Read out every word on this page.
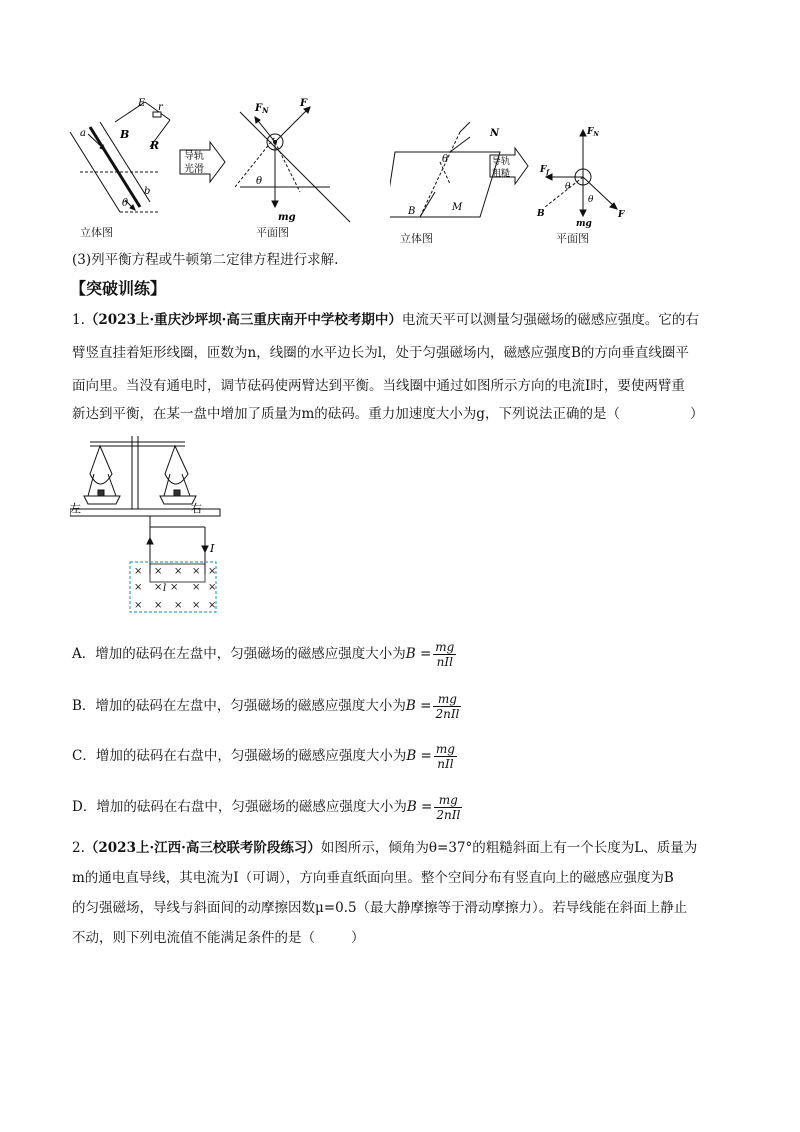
E r
R
B
a
b
θ
导轨
光滑
$F_N$
F
mg
θ
立体图	平面图
N
M
B
θ	导轨
粗糙
$F_N$
$F_f$
F
mg
B
θ
θ
立体图	平面图
(3)列平衡方程或牛顿第二定律方程进行求解.
【突破训练】
1.（2023上·重庆沙坪坝·高三重庆南开中学校考期中）电流天平可以测量匀强磁场的磁感应强度。它的右
臂竖直挂着矩形线圈，匝数为n，线圈的水平边长为l，处于匀强磁场内，磁感应强度B的方向垂直线圈平
面向里。当没有通电时，调节砝码使两臂达到平衡。当线圈中通过如图所示方向的电流I时，要使两臂重
新达到平衡，在某一盘中增加了质量为m的砝码。重力加速度大小为g，下列说法正确的是（	）
× × × × ×
× × × × ×
× × × × ×
左	右
I
l
A．增加的砝码在左盘中，匀强磁场的磁感应强度大小为$B = \frac{mg}{\text{nIl}}$
B．增加的砝码在左盘中，匀强磁场的磁感应强度大小为$B = \frac{mg}{\text{2nIl}}$
C．增加的砝码在右盘中，匀强磁场的磁感应强度大小为$B = \frac{mg}{\text{nIl}}$
D．增加的砝码在右盘中，匀强磁场的磁感应强度大小为$B = \frac{mg}{\text{2nIl}}$
2.（2023上·江西·高三校联考阶段练习）如图所示，倾角为θ=37°的粗糙斜面上有一个长度为L、质量为
m的通电直导线，其电流为I（可调），方向垂直纸面向里。整个空间分布有竖直向上的磁感应强度为B
的匀强磁场，导线与斜面间的动摩擦因数μ=0.5（最大静摩擦等于滑动摩擦力）。若导线能在斜面上静止
不动，则下列电流值不能满足条件的是（	）
